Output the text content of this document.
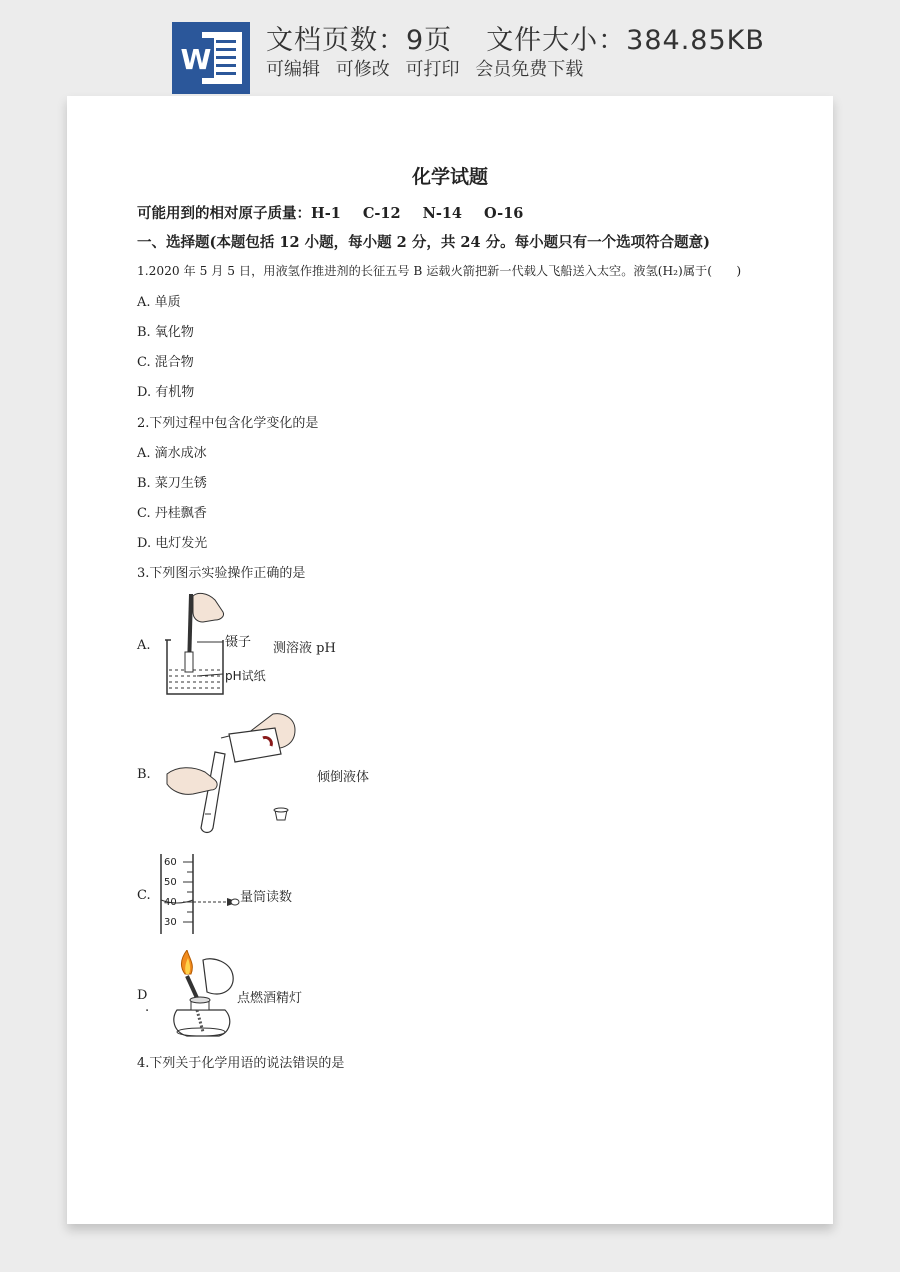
W
文档页数：9页 文件大小：384.85KB
可编辑 可修改 可打印 会员免费下载
化学试题
可能用到的相对原子质量：H-1 C-12 N-14 O-16
一、选择题(本题包括 12 小题，每小题 2 分，共 24 分。每小题只有一个选项符合题意)
1.2020 年 5 月 5 日，用液氢作推进剂的长征五号 B 运载火箭把新一代载人飞船送入太空。液氢(H₂)属于(　　)
A. 单质
B. 氧化物
C. 混合物
D. 有机物
2.下列过程中包含化学变化的是
A. 滴水成冰
B. 菜刀生锈
C. 丹桂飘香
D. 电灯发光
3.下列图示实验操作正确的是
A.	镊子
pH试纸
测溶液 pH
B.	倾倒液体
C.
60
50
40
30
量筒读数
D
.
点燃酒精灯
4.下列关于化学用语的说法错误的是
